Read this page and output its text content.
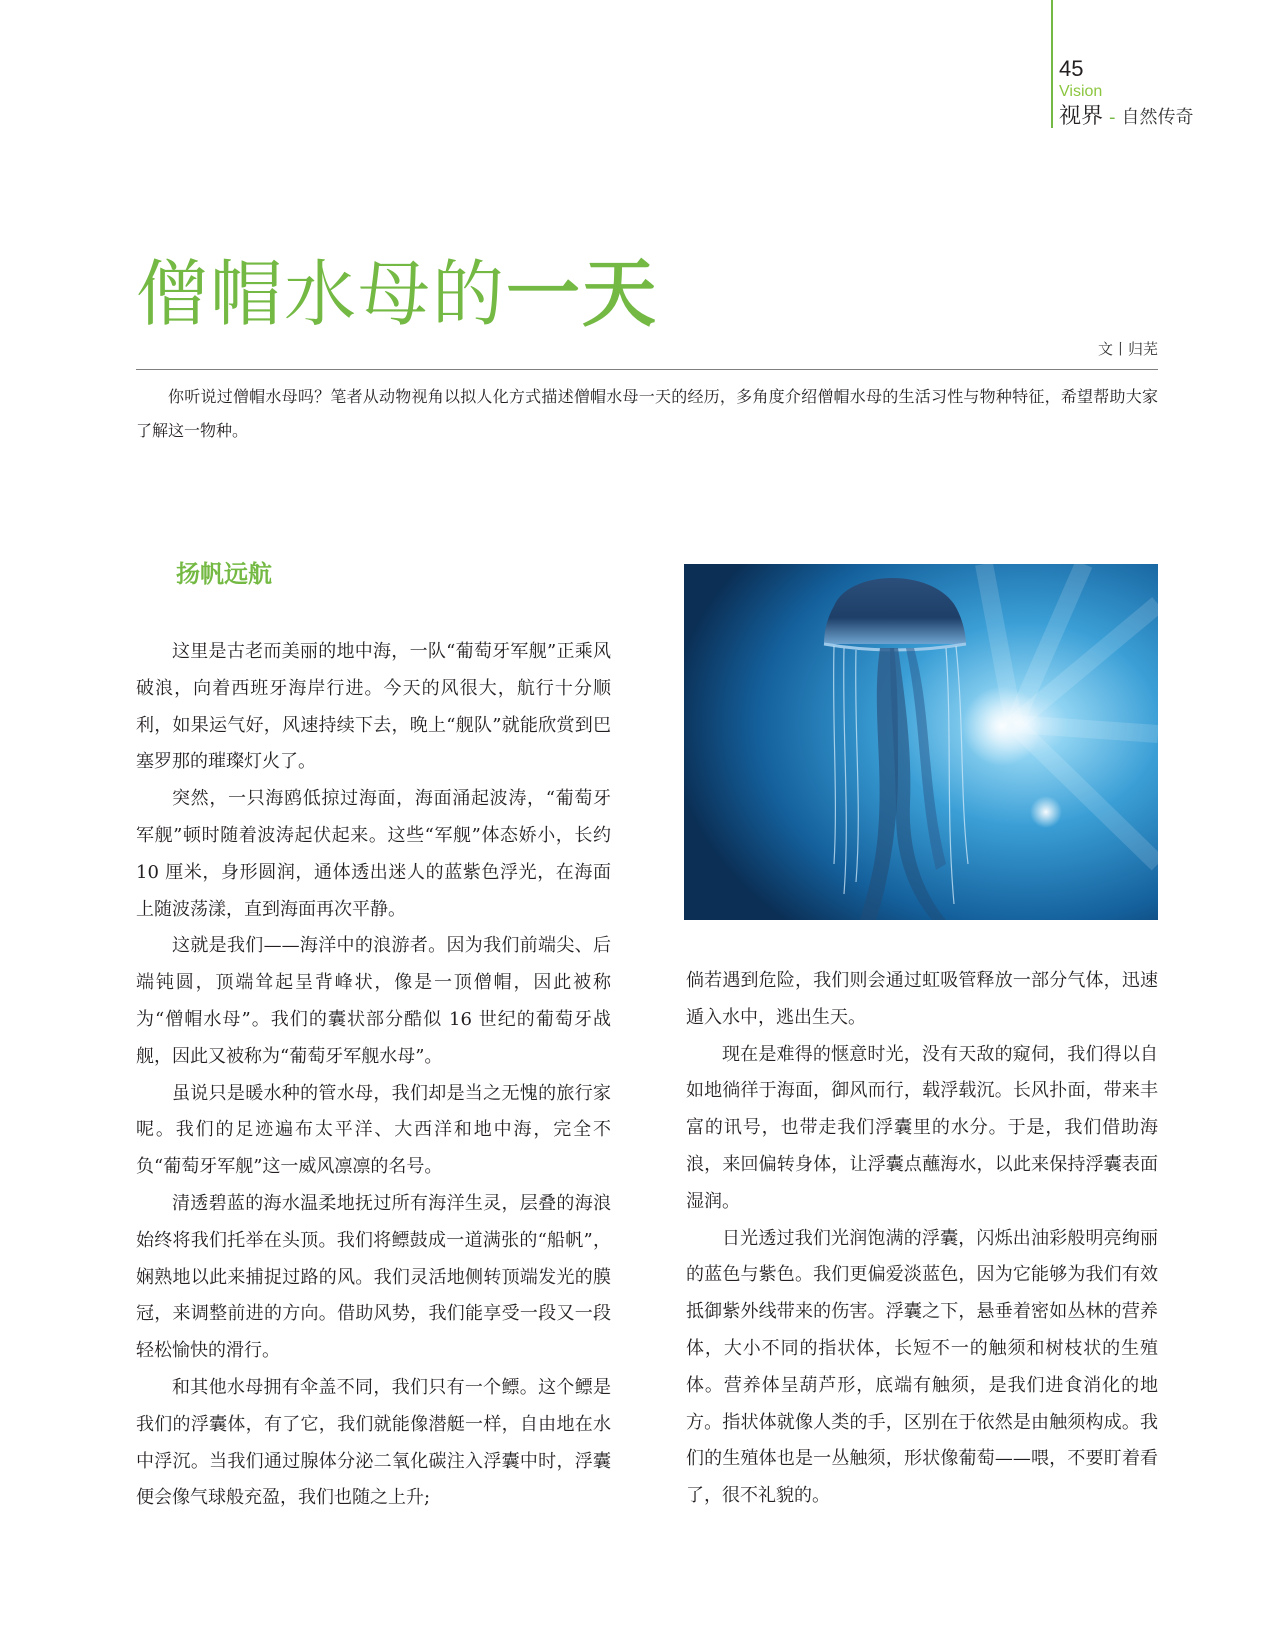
45
Vision
视界 - 自然传奇
僧帽水母的一天
文丨归芜

你听说过僧帽水母吗？笔者从动物视角以拟人化方式描述僧帽水母一天的经历，多角度介绍僧帽水母的生活习性与物种特征，希望帮助大家了解这一物种。

扬帆远航

这里是古老而美丽的地中海，一队“葡萄牙军舰”正乘风破浪，向着西班牙海岸行进。今天的风很大，航行十分顺利，如果运气好，风速持续下去，晚上“舰队”就能欣赏到巴塞罗那的璀璨灯火了。

突然，一只海鸥低掠过海面，海面涌起波涛，“葡萄牙军舰”顿时随着波涛起伏起来。这些“军舰”体态娇小，长约 10 厘米，身形圆润，通体透出迷人的蓝紫色浮光，在海面上随波荡漾，直到海面再次平静。

这就是我们——海洋中的浪游者。因为我们前端尖、后端钝圆，顶端耸起呈背峰状，像是一顶僧帽，因此被称为“僧帽水母”。我们的囊状部分酷似 16 世纪的葡萄牙战舰，因此又被称为“葡萄牙军舰水母”。

虽说只是暖水种的管水母，我们却是当之无愧的旅行家呢。我们的足迹遍布太平洋、大西洋和地中海，完全不负“葡萄牙军舰”这一威风凛凛的名号。

清透碧蓝的海水温柔地抚过所有海洋生灵，层叠的海浪始终将我们托举在头顶。我们将鳔鼓成一道满张的“船帆”，娴熟地以此来捕捉过路的风。我们灵活地侧转顶端发光的膜冠，来调整前进的方向。借助风势，我们能享受一段又一段轻松愉快的滑行。

和其他水母拥有伞盖不同，我们只有一个鳔。这个鳔是我们的浮囊体，有了它，我们就能像潜艇一样，自由地在水中浮沉。当我们通过腺体分泌二氧化碳注入浮囊中时，浮囊便会像气球般充盈，我们也随之上升;

倘若遇到危险，我们则会通过虹吸管释放一部分气体，迅速遁入水中，逃出生天。

现在是难得的惬意时光，没有天敌的窥伺，我们得以自如地徜徉于海面，御风而行，载浮载沉。长风扑面，带来丰富的讯号，也带走我们浮囊里的水分。于是，我们借助海浪，来回偏转身体，让浮囊点蘸海水，以此来保持浮囊表面湿润。

日光透过我们光润饱满的浮囊，闪烁出油彩般明亮绚丽的蓝色与紫色。我们更偏爱淡蓝色，因为它能够为我们有效抵御紫外线带来的伤害。浮囊之下，悬垂着密如丛林的营养体，大小不同的指状体，长短不一的触须和树枝状的生殖体。营养体呈葫芦形，底端有触须，是我们进食消化的地方。指状体就像人类的手，区别在于依然是由触须构成。我们的生殖体也是一丛触须，形状像葡萄——喂，不要盯着看了，很不礼貌的。
